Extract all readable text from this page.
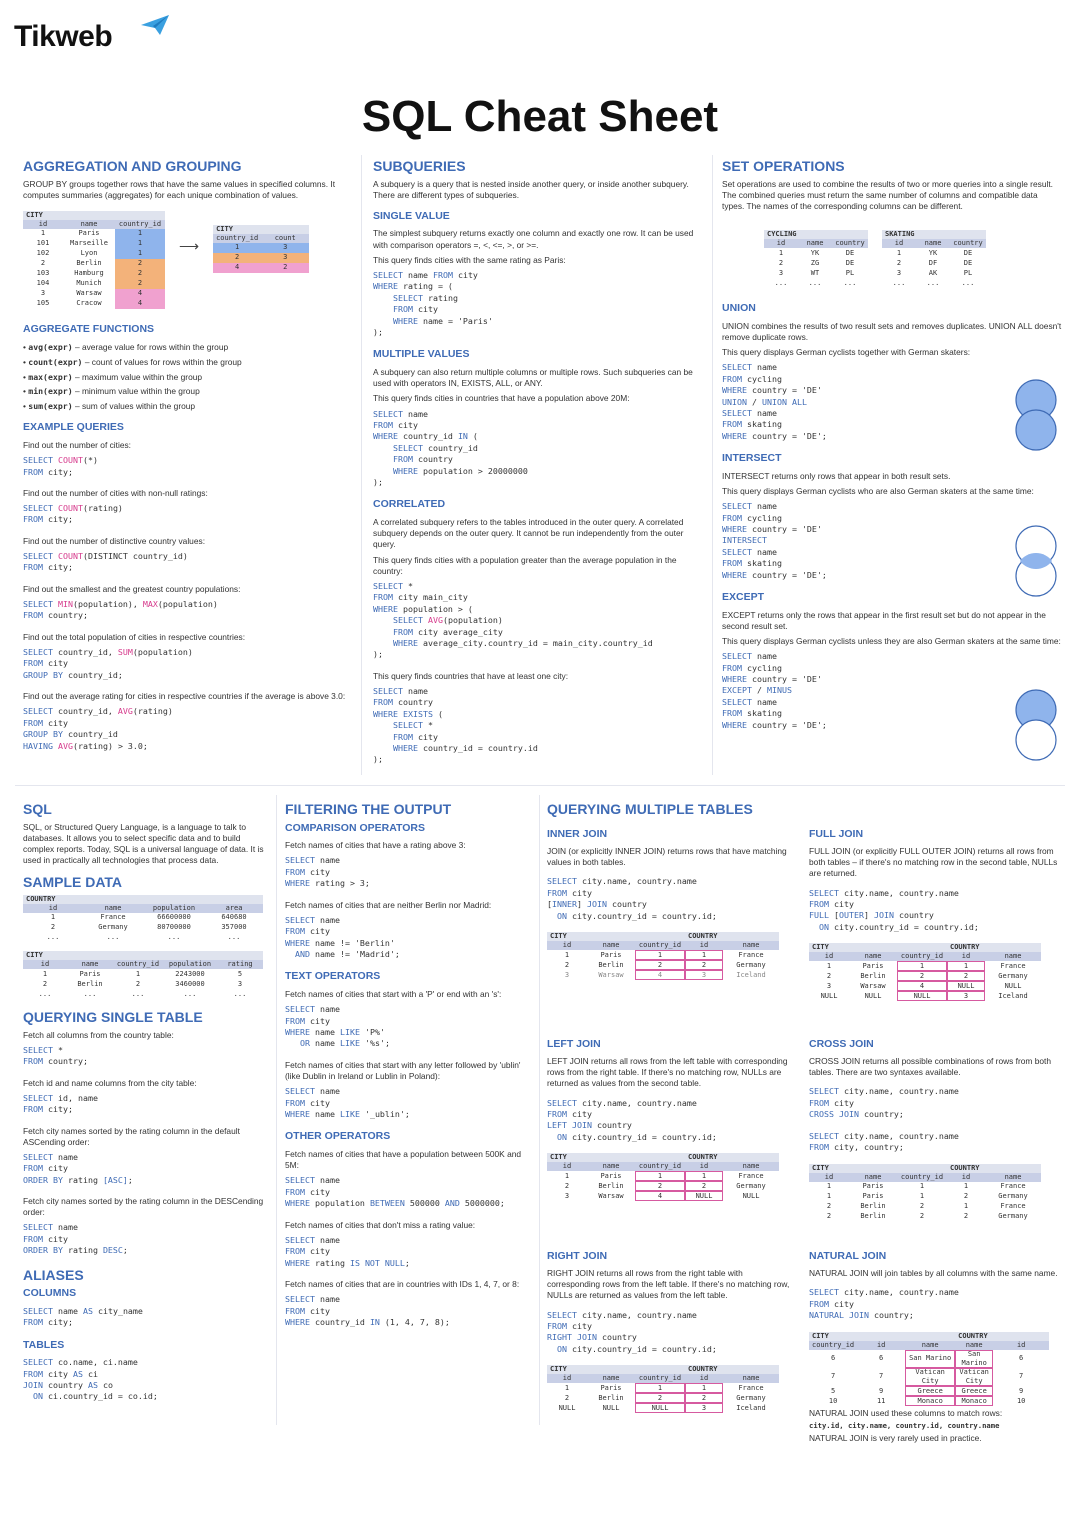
Tikweb
SQL Cheat Sheet
AGGREGATION AND GROUPING

GROUP BY groups together rows that have the same values in specified columns. It computes summaries (aggregates) for each unique combination of values.

CITY		
id	name	country_id
1	Paris	1
101	Marseille	1
102	Lyon	1
2	Berlin	2
103	Hamburg	2
104	Munich	2
3	Warsaw	4
105	Cracow	4
⟶
CITY	
country_id	count
1	3
2	3
4	2
AGGREGATE FUNCTIONS
• avg(expr) – average value for rows within the group
• count(expr) – count of values for rows within the group
• max(expr) – maximum value within the group
• min(expr) – minimum value within the group
• sum(expr) – sum of values within the group
EXAMPLE QUERIES

Find out the number of cities:

SELECT COUNT(*)
FROM city;

Find out the number of cities with non-null ratings:

SELECT COUNT(rating)
FROM city;

Find out the number of distinctive country values:

SELECT COUNT(DISTINCT country_id)
FROM city;

Find out the smallest and the greatest country populations:

SELECT MIN(population), MAX(population)
FROM country;

Find out the total population of cities in respective countries:

SELECT country_id, SUM(population)
FROM city
GROUP BY country_id;

Find out the average rating for cities in respective countries if the average is above 3.0:

SELECT country_id, AVG(rating)
FROM city
GROUP BY country_id
HAVING AVG(rating) > 3.0;
SUBQUERIES

A subquery is a query that is nested inside another query, or inside another subquery. There are different types of subqueries.

SINGLE VALUE

The simplest subquery returns exactly one column and exactly one row. It can be used with comparison operators =, <, <=, >, or >=.

This query finds cities with the same rating as Paris:

SELECT name FROM city
WHERE rating = (
SELECT rating
FROM city
WHERE name = 'Paris'
);
MULTIPLE VALUES

A subquery can also return multiple columns or multiple rows. Such subqueries can be used with operators IN, EXISTS, ALL, or ANY.

This query finds cities in countries that have a population above 20M:

SELECT name
FROM city
WHERE country_id IN (
SELECT country_id
FROM country
WHERE population > 20000000
);
CORRELATED

A correlated subquery refers to the tables introduced in the outer query. A correlated subquery depends on the outer query. It cannot be run independently from the outer query.

This query finds cities with a population greater than the average population in the country:

SELECT *
FROM city main_city
WHERE population > (
SELECT AVG(population)
FROM city average_city
WHERE average_city.country_id = main_city.country_id
);

This query finds countries that have at least one city:

SELECT name
FROM country
WHERE EXISTS (
SELECT *
FROM city
WHERE country_id = country.id
);
SET OPERATIONS

Set operations are used to combine the results of two or more queries into a single result. The combined queries must return the same number of columns and compatible data types. The names of the corresponding columns can be different.

CYCLING		
id	name	country
1	YK	DE
2	ZG	DE
3	WT	PL
...	...	...
SKATING		
id	name	country
1	YK	DE
2	DF	DE
3	AK	PL
...	...	...
UNION

UNION combines the results of two result sets and removes duplicates. UNION ALL doesn't remove duplicate rows.

This query displays German cyclists together with German skaters:

SELECT name
FROM cycling
WHERE country = 'DE'
UNION / UNION ALL
SELECT name
FROM skating
WHERE country = 'DE';
INTERSECT

INTERSECT returns only rows that appear in both result sets.

This query displays German cyclists who are also German skaters at the same time:

SELECT name
FROM cycling
WHERE country = 'DE'
INTERSECT
SELECT name
FROM skating
WHERE country = 'DE';
EXCEPT

EXCEPT returns only the rows that appear in the first result set but do not appear in the second result set.

This query displays German cyclists unless they are also German skaters at the same time:

SELECT name
FROM cycling
WHERE country = 'DE'
EXCEPT / MINUS
SELECT name
FROM skating
WHERE country = 'DE';
SQL

SQL, or Structured Query Language, is a language to talk to databases. It allows you to select specific data and to build complex reports. Today, SQL is a universal language of data. It is used in practically all technologies that process data.

SAMPLE DATA
COUNTRY			
id	name	population	area
1	France	66600000	640680
2	Germany	80700000	357000
...	...	...	...
CITY				
id	name	country_id	population	rating
1	Paris	1	2243000	5
2	Berlin	2	3460000	3
...	...	...	...	...
QUERYING SINGLE TABLE

Fetch all columns from the country table:

SELECT *
FROM country;

Fetch id and name columns from the city table:

SELECT id, name
FROM city;

Fetch city names sorted by the rating column in the default ASCending order:

SELECT name
FROM city
ORDER BY rating [ASC];

Fetch city names sorted by the rating column in the DESCending order:

SELECT name
FROM city
ORDER BY rating DESC;
ALIASES
COLUMNS
SELECT name AS city_name
FROM city;
TABLES
SELECT co.name, ci.name
FROM city AS ci
JOIN country AS co
ON ci.country_id = co.id;
FILTERING THE OUTPUT
COMPARISON OPERATORS

Fetch names of cities that have a rating above 3:

SELECT name
FROM city
WHERE rating > 3;

Fetch names of cities that are neither Berlin nor Madrid:

SELECT name
FROM city
WHERE name != 'Berlin'
AND name != 'Madrid';
TEXT OPERATORS

Fetch names of cities that start with a 'P' or end with an 's':

SELECT name
FROM city
WHERE name LIKE 'P%'
OR name LIKE '%s';

Fetch names of cities that start with any letter followed by 'ublin' (like Dublin in Ireland or Lublin in Poland):

SELECT name
FROM city
WHERE name LIKE '_ublin';
OTHER OPERATORS

Fetch names of cities that have a population between 500K and 5M:

SELECT name
FROM city
WHERE population BETWEEN 500000 AND 5000000;

Fetch names of cities that don't miss a rating value:

SELECT name
FROM city
WHERE rating IS NOT NULL;

Fetch names of cities that are in countries with IDs 1, 4, 7, or 8:

SELECT name
FROM city
WHERE country_id IN (1, 4, 7, 8);
QUERYING MULTIPLE TABLES
INNER JOIN

JOIN (or explicitly INNER JOIN) returns rows that have matching values in both tables.

SELECT city.name, country.name
FROM city
[INNER] JOIN country
ON city.country_id = country.id;
CITY			COUNTRY	
id	name	country_id	id	name
1	Paris	1	1	France
2	Berlin	2	2	Germany
3	Warsaw	4	3	Iceland
FULL JOIN

FULL JOIN (or explicitly FULL OUTER JOIN) returns all rows from both tables – if there's no matching row in the second table, NULLs are returned.

SELECT city.name, country.name
FROM city
FULL [OUTER] JOIN country
ON city.country_id = country.id;
CITY			COUNTRY	
id	name	country_id	id	name
1	Paris	1	1	France
2	Berlin	2	2	Germany
3	Warsaw	4	NULL	NULL
NULL	NULL	NULL	3	Iceland
LEFT JOIN

LEFT JOIN returns all rows from the left table with corresponding rows from the right table. If there's no matching row, NULLs are returned as values from the second table.

SELECT city.name, country.name
FROM city
LEFT JOIN country
ON city.country_id = country.id;
CITY			COUNTRY	
id	name	country_id	id	name
1	Paris	1	1	France
2	Berlin	2	2	Germany
3	Warsaw	4	NULL	NULL
CROSS JOIN

CROSS JOIN returns all possible combinations of rows from both tables. There are two syntaxes available.

SELECT city.name, country.name
FROM city
CROSS JOIN country;
SELECT city.name, country.name
FROM city, country;
CITY			COUNTRY	
id	name	country_id	id	name
1	Paris	1	1	France
1	Paris	1	2	Germany
2	Berlin	2	1	France
2	Berlin	2	2	Germany
RIGHT JOIN

RIGHT JOIN returns all rows from the right table with corresponding rows from the left table. If there's no matching row, NULLs are returned as values from the left table.

SELECT city.name, country.name
FROM city
RIGHT JOIN country
ON city.country_id = country.id;
CITY			COUNTRY	
id	name	country_id	id	name
1	Paris	1	1	France
2	Berlin	2	2	Germany
NULL	NULL	NULL	3	Iceland
NATURAL JOIN

NATURAL JOIN will join tables by all columns with the same name.

SELECT city.name, country.name
FROM city
NATURAL JOIN country;
CITY			COUNTRY	
country_id	id	name	name	id
6	6	San Marino	San Marino	6
7	7	Vatican City	Vatican City	7
5	9	Greece	Greece	9
10	11	Monaco	Monaco	10

NATURAL JOIN used these columns to match rows:

city.id, city.name, country.id, country.name

NATURAL JOIN is very rarely used in practice.
